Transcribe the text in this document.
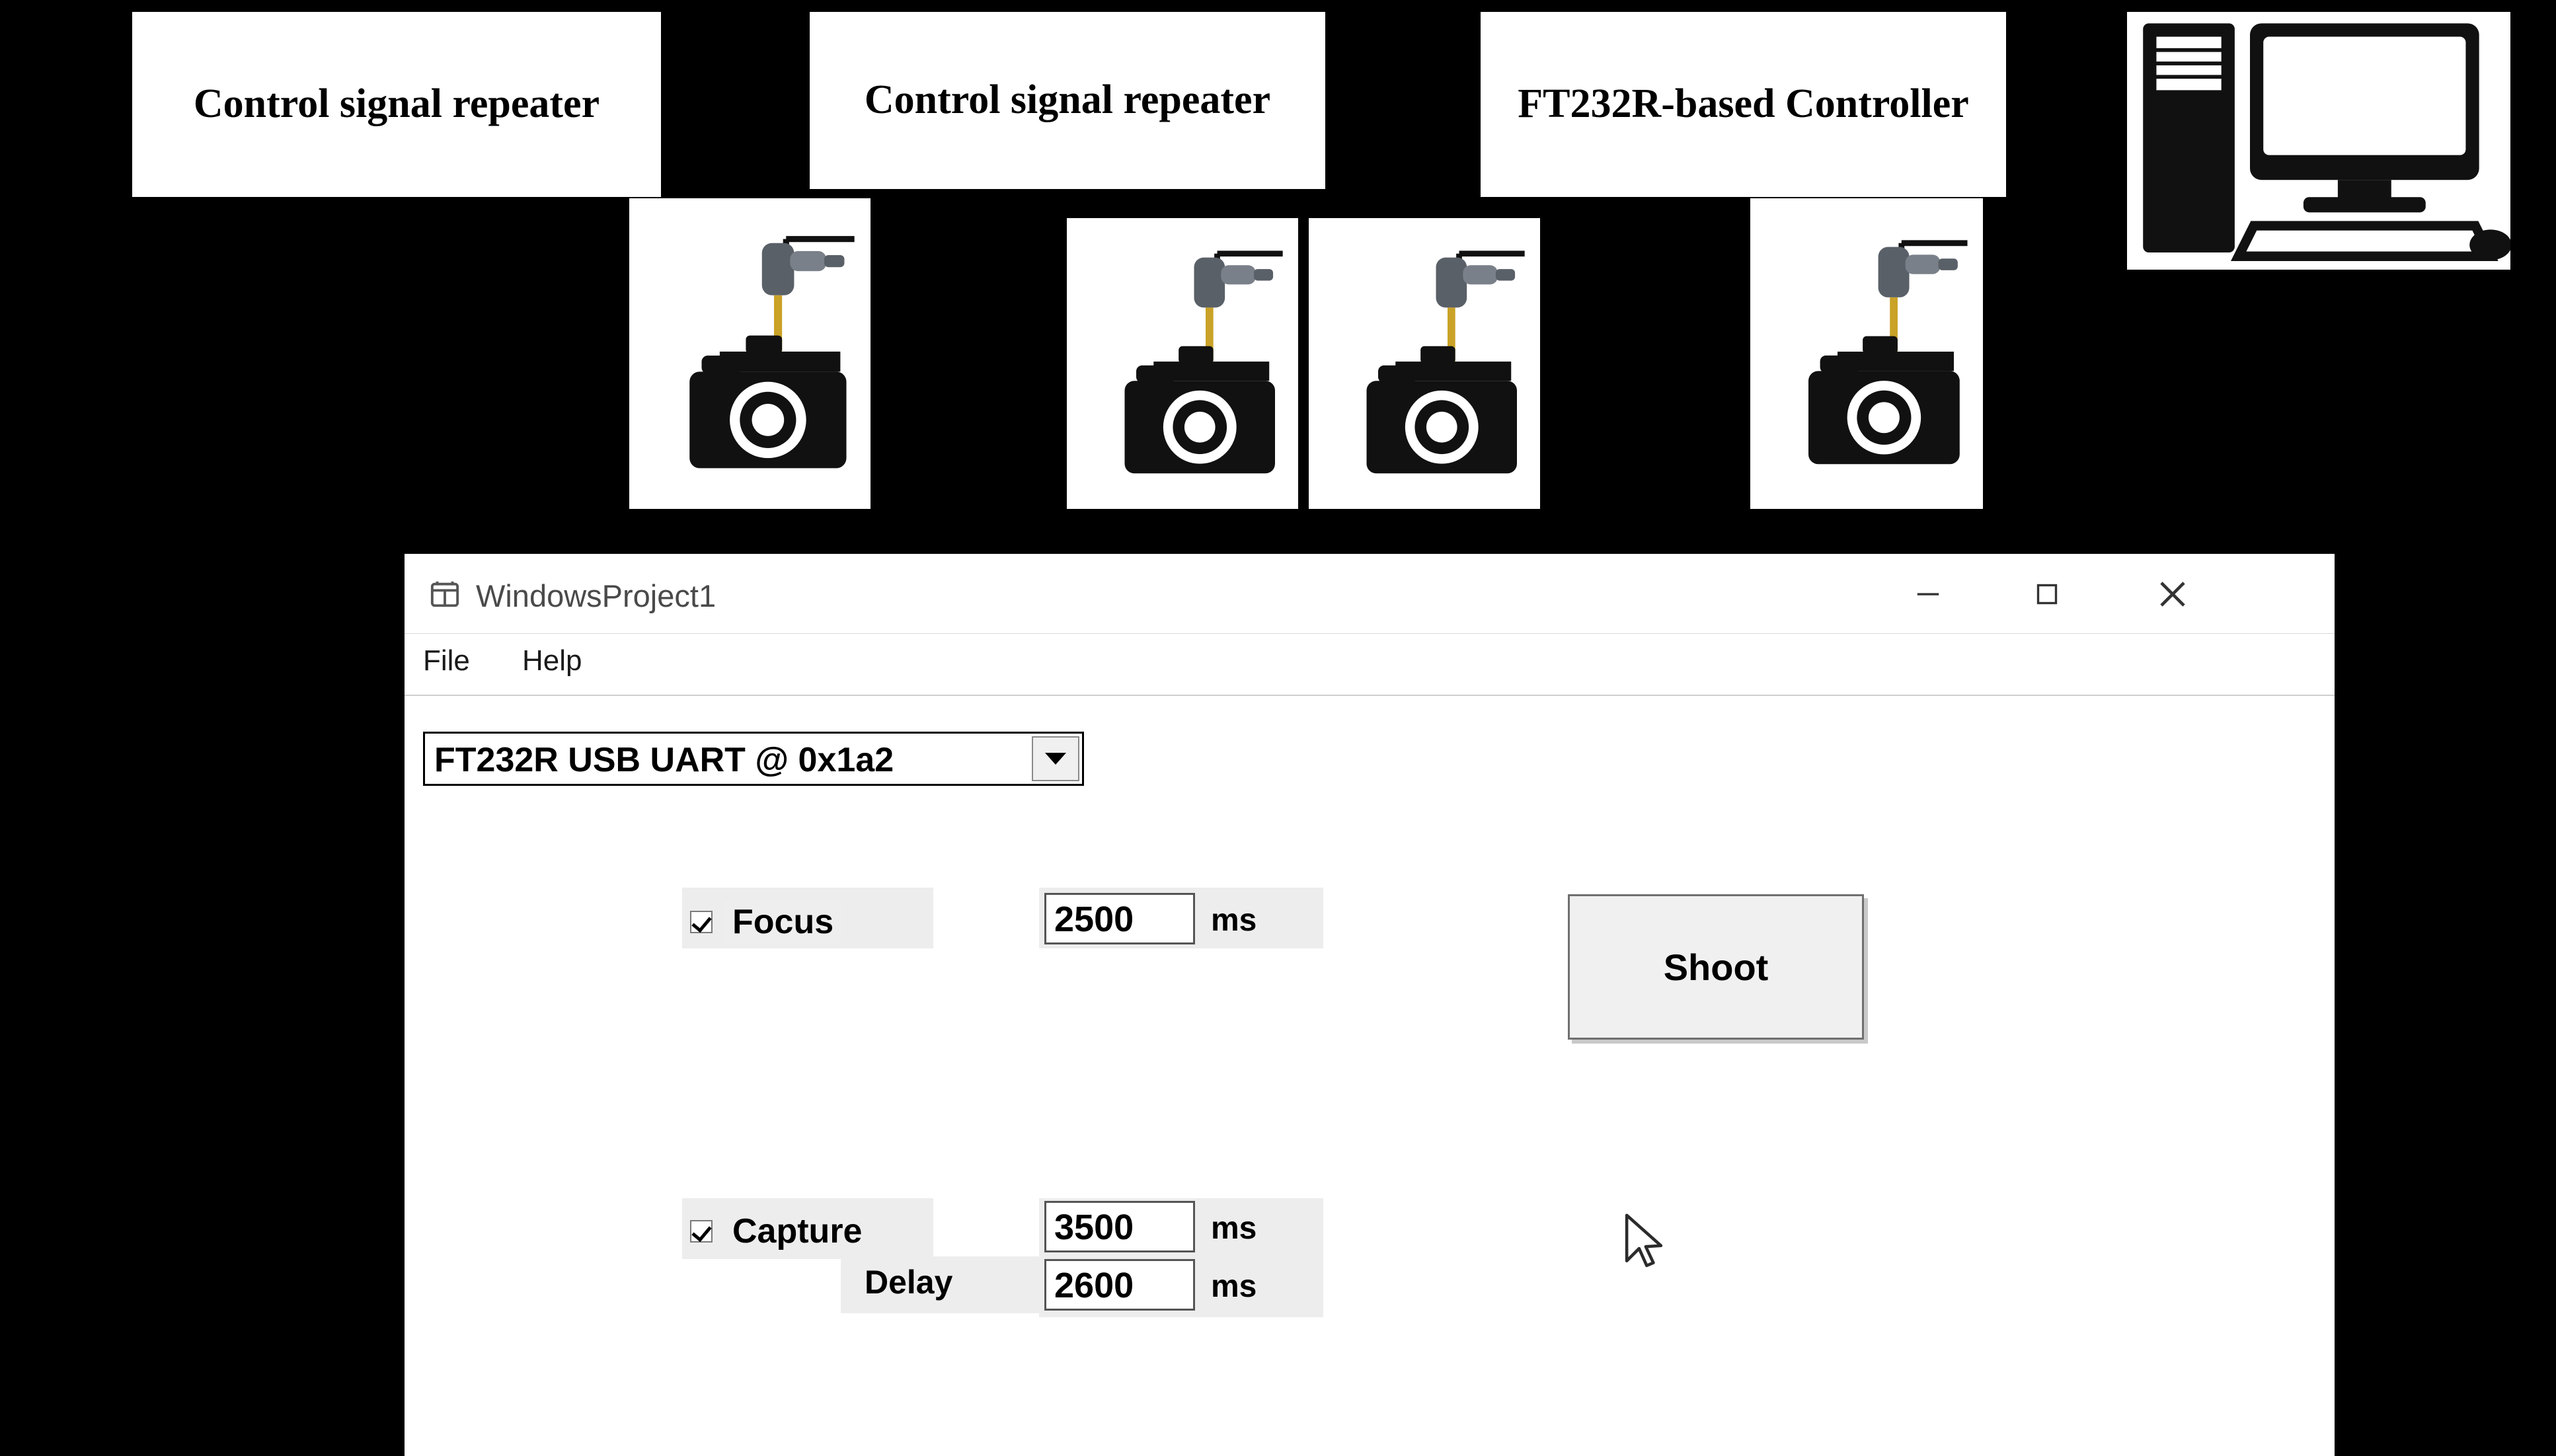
Control signal repeater	Control signal repeater	FT232R-based Controller
WindowsProject1
File Help
FT232R USB UART @ 0x1a2
Focus	2500 ms
Shoot
Capture	3500 ms
Delay	2600 ms
